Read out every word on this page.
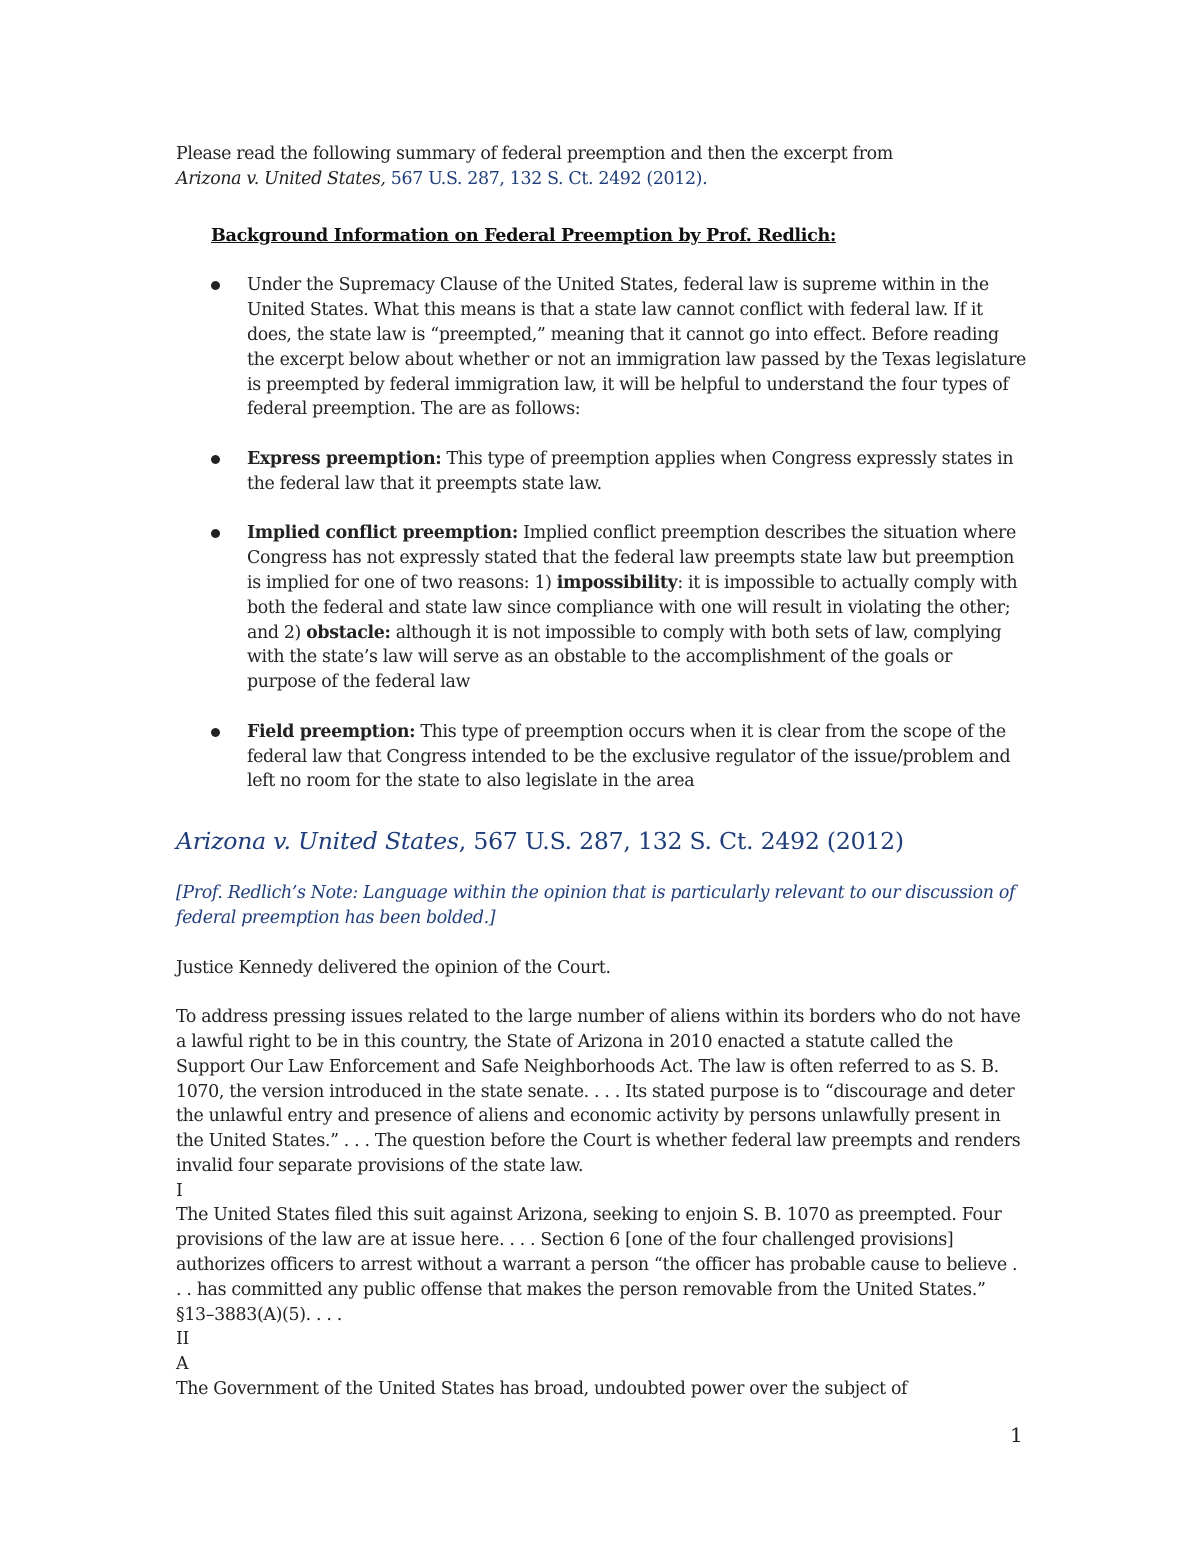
Please read the following summary of federal preemption and then the excerpt from
Arizona v. United States, 567 U.S. 287, 132 S. Ct. 2492 (2012).

Background Information on Federal Preemption by Prof. Redlich:

Under the Supremacy Clause of the United States, federal law is supreme within in the United States. What this means is that a state law cannot conflict with federal law. If it does, the state law is “preempted,” meaning that it cannot go into effect. Before reading the excerpt below about whether or not an immigration law passed by the Texas legislature is preempted by federal immigration law, it will be helpful to understand the four types of federal preemption. The are as follows:
Express preemption: This type of preemption applies when Congress expressly states in the federal law that it preempts state law.
Implied conflict preemption: Implied conflict preemption describes the situation where Congress has not expressly stated that the federal law preempts state law but preemption is implied for one of two reasons: 1) impossibility: it is impossible to actually comply with both the federal and state law since compliance with one will result in violating the other; and 2) obstacle: although it is not impossible to comply with both sets of law, complying with the state’s law will serve as an obstable to the accomplishment of the goals or purpose of the federal law
Field preemption: This type of preemption occurs when it is clear from the scope of the federal law that Congress intended to be the exclusive regulator of the issue/problem and left no room for the state to also legislate in the area

Arizona v. United States, 567 U.S. 287, 132 S. Ct. 2492 (2012)

[Prof. Redlich’s Note: Language within the opinion that is particularly relevant to our discussion of federal preemption has been bolded.]

Justice Kennedy delivered the opinion of the Court.

To address pressing issues related to the large number of aliens within its borders who do not have a lawful right to be in this country, the State of Arizona in 2010 enacted a statute called the Support Our Law Enforcement and Safe Neighborhoods Act. The law is often referred to as S. B. 1070, the version introduced in the state senate. . . . Its stated purpose is to “discourage and deter the unlawful entry and presence of aliens and economic activity by persons unlawfully present in the United States.” . . . The question before the Court is whether federal law preempts and renders invalid four separate provisions of the state law.

I

The United States filed this suit against Arizona, seeking to enjoin S. B. 1070 as preempted. Four provisions of the law are at issue here. . . . Section 6 [one of the four challenged provisions] authorizes officers to arrest without a warrant a person “the officer has probable cause to believe . . . has committed any public offense that makes the person removable from the United States.” §13–3883(A)(5). . . .

II

A

The Government of the United States has broad, undoubted power over the subject of

1
